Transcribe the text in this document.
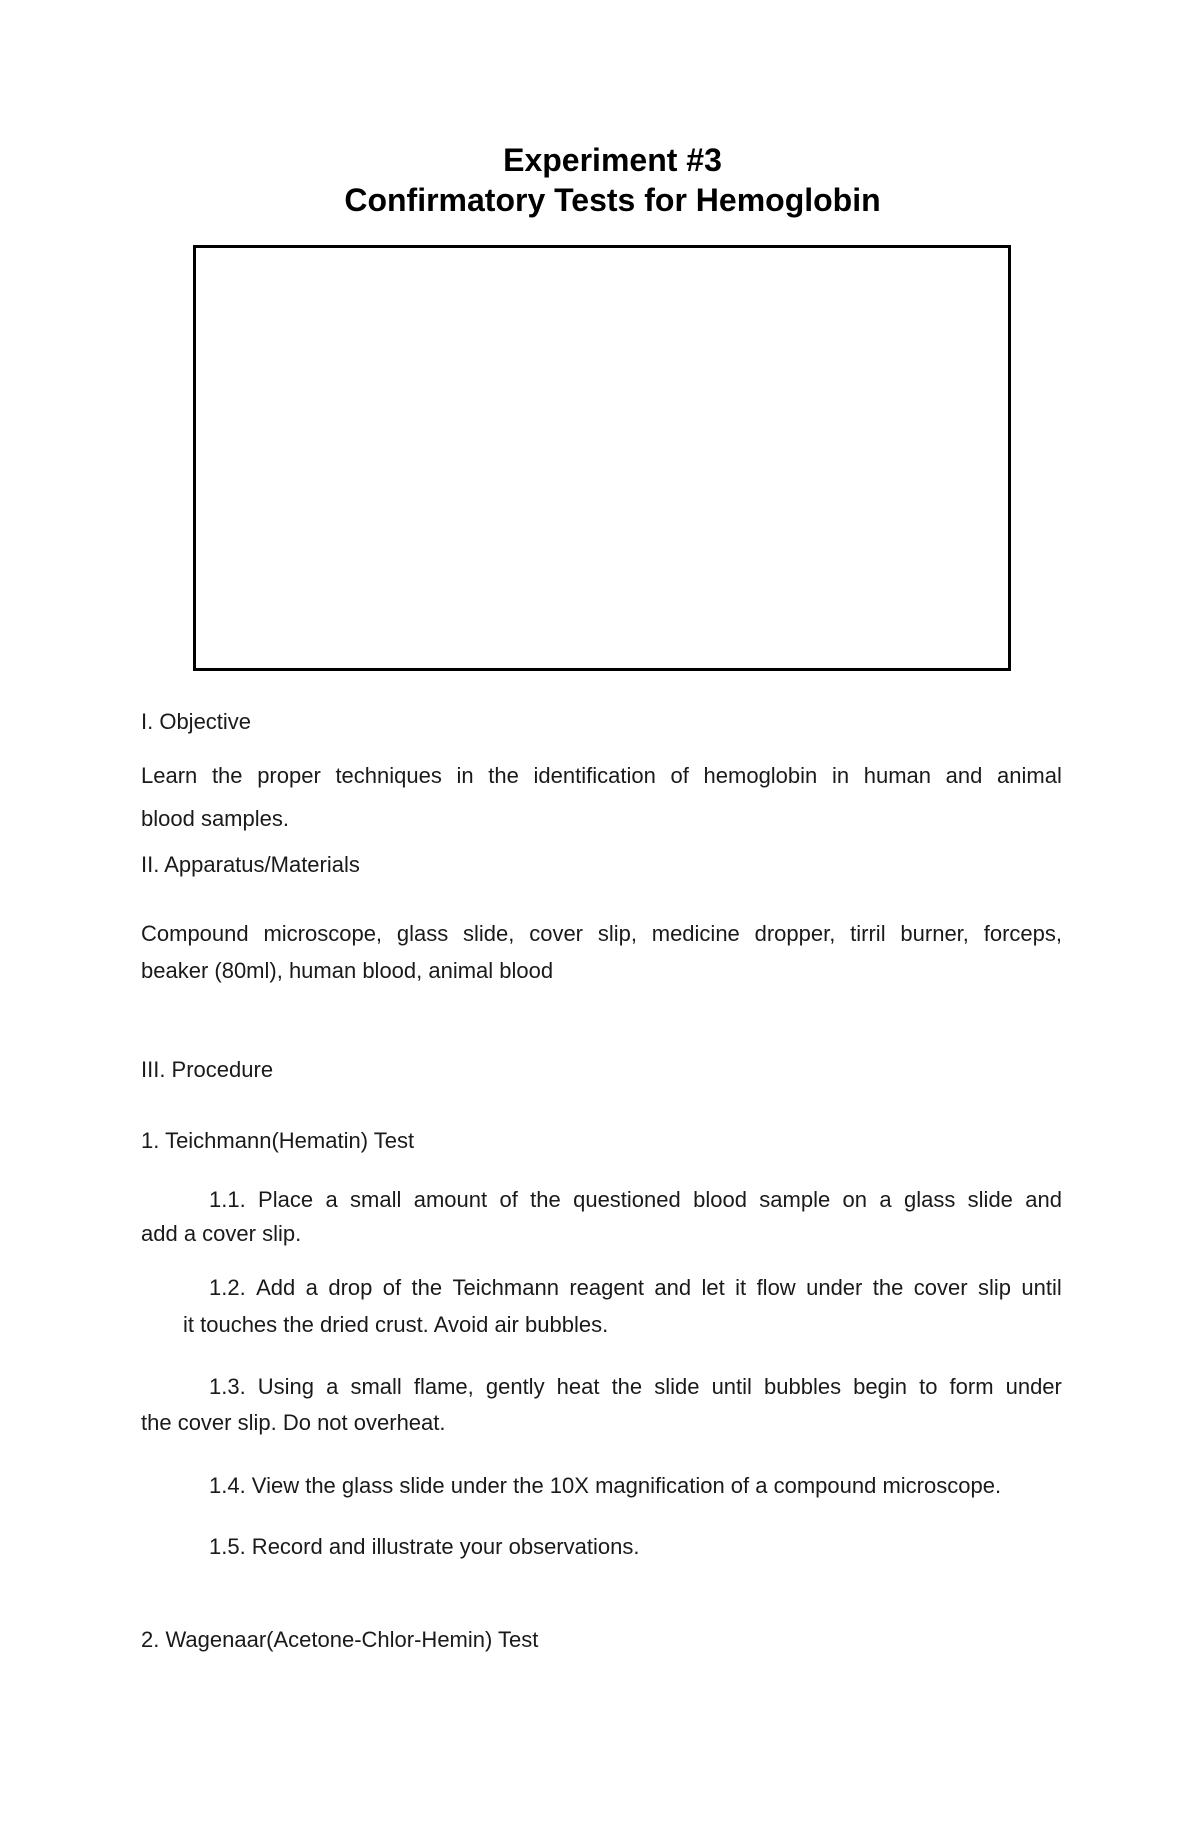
Experiment #3
Confirmatory Tests for Hemoglobin
I. Objective
Learn the proper techniques in the identification of hemoglobin in human and animal
blood samples.
II. Apparatus/Materials
Compound microscope, glass slide, cover slip, medicine dropper, tirril burner, forceps,
beaker (80ml), human blood, animal blood
III. Procedure
1. Teichmann(Hematin) Test
1.1. Place a small amount of the questioned blood sample on a glass slide and
add a cover slip.
1.2. Add a drop of the Teichmann reagent and let it flow under the cover slip until
it touches the dried crust. Avoid air bubbles.
1.3. Using a small flame, gently heat the slide until bubbles begin to form under
the cover slip. Do not overheat.
1.4. View the glass slide under the 10X magnification of a compound microscope.
1.5. Record and illustrate your observations.
2. Wagenaar(Acetone-Chlor-Hemin) Test
